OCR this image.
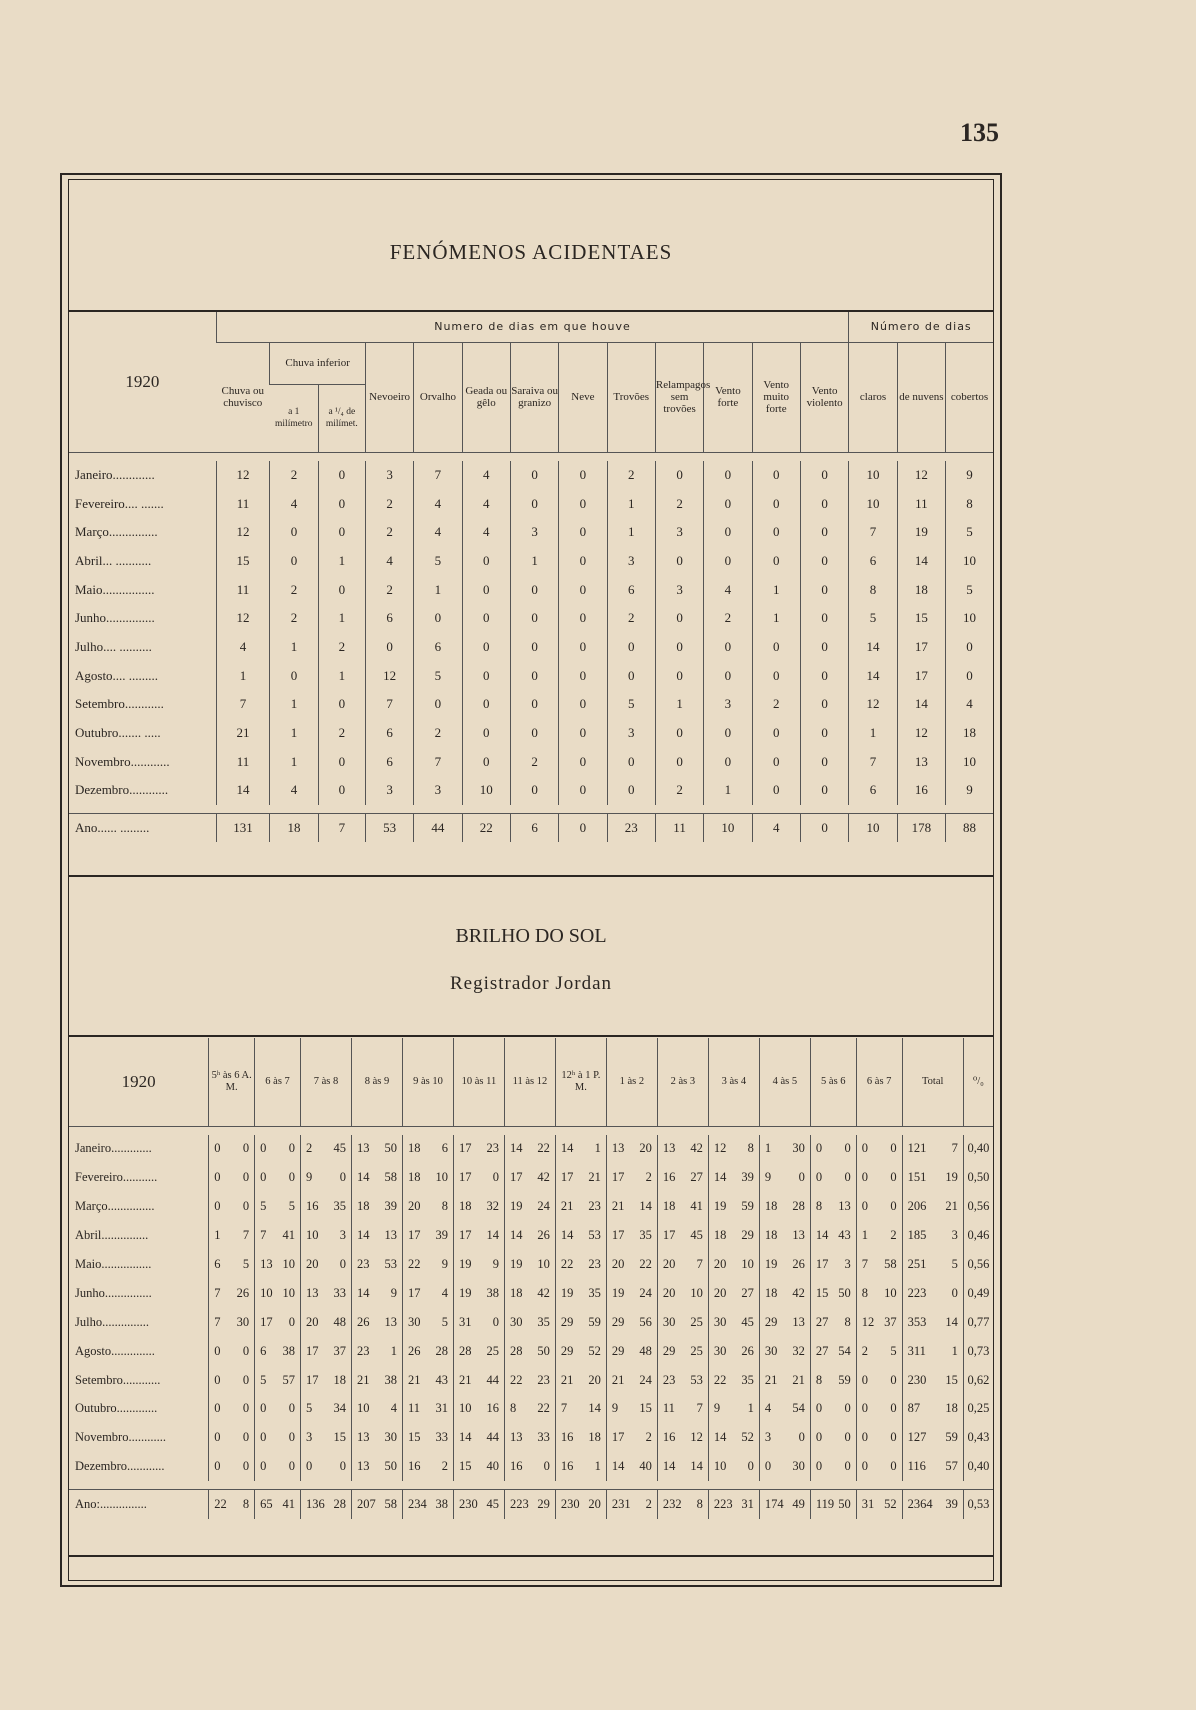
135
FENÓMENOS ACIDENTAES
1920	Numero de dias em que houve													Número de dias		
	Chuva ou chuvisco	Chuva inferior		Nevoeiro	Orvalho	Geada ou gêlo	Saraiva ou granizo	Neve	Trovões	Relampagos sem trovões	Vento forte	Vento muito forte	Vento violento	claros	de nuvens	cobertos
		a 1 milímetro	a ¹/₄ de milímet.													

Janeiro.............	12	2	0	3	7	4	0	0	2	0	0	0	0	10	12	9
Fevereiro.... .......	11	4	0	2	4	4	0	0	1	2	0	0	0	10	11	8
Março...............	12	0	0	2	4	4	3	0	1	3	0	0	0	7	19	5
Abril... ...........	15	0	1	4	5	0	1	0	3	0	0	0	0	6	14	10
Maio................	11	2	0	2	1	0	0	0	6	3	4	1	0	8	18	5
Junho...............	12	2	1	6	0	0	0	0	2	0	2	1	0	5	15	10
Julho.... ..........	4	1	2	0	6	0	0	0	0	0	0	0	0	14	17	0
Agosto.... .........	1	0	1	12	5	0	0	0	0	0	0	0	0	14	17	0
Setembro............	7	1	0	7	0	0	0	0	5	1	3	2	0	12	14	4
Outubro....... .....	21	1	2	6	2	0	0	0	3	0	0	0	0	1	12	18
Novembro............	11	1	0	6	7	0	2	0	0	0	0	0	0	7	13	10
Dezembro............	14	4	0	3	3	10	0	0	0	2	1	0	0	6	16	9

Ano...... .........	131	18	7	53	44	22	6	0	23	11	10	4	0	10	178	88
BRILHO DO SOL
Registrador Jordan
1920	5ʰ às 6 A. M.	6 às 7	7 às 8	8 às 9	9 às 10	10 às 11	11 às 12	12ʰ à 1 P. M.	1 às 2	2 às 3	3 às 4	4 às 5	5 às 6	6 às 7	Total	⁰/₀

Janeiro.............	0 0	0 0	2 45	13 50	18 6	17 23	14 22	14 1	13 20	13 42	12 8	1 30	0 0	0 0	121 7	0,40
Fevereiro...........	0 0	0 0	9 0	14 58	18 10	17 0	17 42	17 21	17 2	16 27	14 39	9 0	0 0	0 0	151 19	0,50
Março...............	0 0	5 5	16 35	18 39	20 8	18 32	19 24	21 23	21 14	18 41	19 59	18 28	8 13	0 0	206 21	0,56
Abril...............	1 7	7 41	10 3	14 13	17 39	17 14	14 26	14 53	17 35	17 45	18 29	18 13	14 43	1 2	185 3	0,46
Maio................	6 5	13 10	20 0	23 53	22 9	19 9	19 10	22 23	20 22	20 7	20 10	19 26	17 3	7 58	251 5	0,56
Junho...............	7 26	10 10	13 33	14 9	17 4	19 38	18 42	19 35	19 24	20 10	20 27	18 42	15 50	8 10	223 0	0,49
Julho...............	7 30	17 0	20 48	26 13	30 5	31 0	30 35	29 59	29 56	30 25	30 45	29 13	27 8	12 37	353 14	0,77
Agosto..............	0 0	6 38	17 37	23 1	26 28	28 25	28 50	29 52	29 48	29 25	30 26	30 32	27 54	2 5	311 1	0,73
Setembro............	0 0	5 57	17 18	21 38	21 43	21 44	22 23	21 20	21 24	23 53	22 35	21 21	8 59	0 0	230 15	0,62
Outubro.............	0 0	0 0	5 34	10 4	11 31	10 16	8 22	7 14	9 15	11 7	9 1	4 54	0 0	0 0	87 18	0,25
Novembro............	0 0	0 0	3 15	13 30	15 33	14 44	13 33	16 18	17 2	16 12	14 52	3 0	0 0	0 0	127 59	0,43
Dezembro............	0 0	0 0	0 0	13 50	16 2	15 40	16 0	16 1	14 40	14 14	10 0	0 30	0 0	0 0	116 57	0,40

Ano:...............	22 8	65 41	136 28	207 58	234 38	230 45	223 29	230 20	231 2	232 8	223 31	174 49	119 50	31 52	2364 39	0,53
